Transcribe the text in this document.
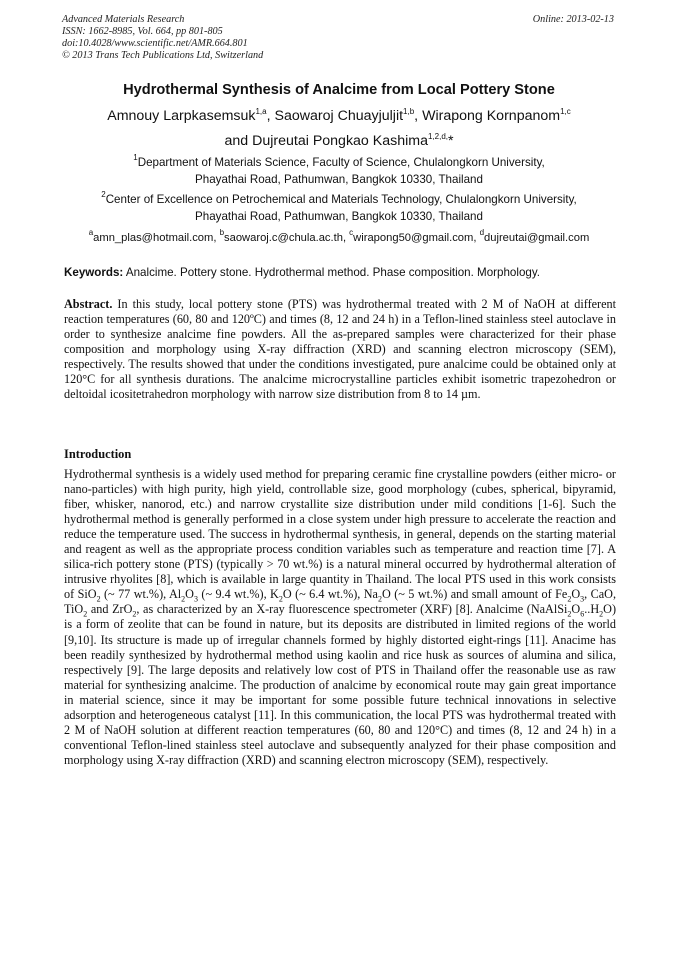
Advanced Materials Research
ISSN: 1662-8985, Vol. 664, pp 801-805
doi:10.4028/www.scientific.net/AMR.664.801
© 2013 Trans Tech Publications Ltd, Switzerland
Online: 2013-02-13
Hydrothermal Synthesis of Analcime from Local Pottery Stone
Amnouy Larpkasemsuk$^{1,a}$, Saowaroj Chuayjuljit$^{1,b}$, Wirapong Kornpanom$^{1,c}$
and Dujreutai Pongkao Kashima$^{1,2,d,}$*

$^1$Department of Materials Science, Faculty of Science, Chulalongkorn University,
Phayathai Road, Pathumwan, Bangkok 10330, Thailand

$^2$Center of Excellence on Petrochemical and Materials Technology, Chulalongkorn University,
Phayathai Road, Pathumwan, Bangkok 10330, Thailand

$^a$amn_plas@hotmail.com, $^b$saowaroj.c@chula.ac.th, $^c$wirapong50@gmail.com, $^d$dujreutai@gmail.com
Keywords: Analcime. Pottery stone. Hydrothermal method. Phase composition. Morphology.
Abstract. In this study, local pottery stone (PTS) was hydrothermal treated with 2 M of NaOH at different reaction temperatures (60, 80 and 120ºC) and times (8, 12 and 24 h) in a Teflon-lined stainless steel autoclave in order to synthesize analcime fine powders. All the as-prepared samples were characterized for their phase composition and morphology using X-ray diffraction (XRD) and scanning electron microscopy (SEM), respectively. The results showed that under the conditions investigated, pure analcime could be obtained only at 120°C for all synthesis durations. The analcime microcrystalline particles exhibit isometric trapezohedron or deltoidal icositetrahedron morphology with narrow size distribution from 8 to 14 µm.
Introduction
Hydrothermal synthesis is a widely used method for preparing ceramic fine crystalline powders (either micro- or nano-particles) with high purity, high yield, controllable size, good morphology (cubes, spherical, bipyramid, fiber, whisker, nanorod, etc.) and narrow crystallite size distribution under mild conditions [1-6]. Such the hydrothermal method is generally performed in a close system under high pressure to accelerate the reaction and reduce the temperature used. The success in hydrothermal synthesis, in general, depends on the starting material and reagent as well as the appropriate process condition variables such as temperature and reaction time [7]. A silica-rich pottery stone (PTS) (typically > 70 wt.%) is a natural mineral occurred by hydrothermal alteration of intrusive rhyolites [8], which is available in large quantity in Thailand. The local PTS used in this work consists of SiO$_2$ (~ 77 wt.%), $Al_2O_3$ (~ 9.4 wt.%), $K_2O$ (~ 6.4 wt.%), $Na_2O$ (~ 5 wt.%) and small amount of $Fe_2O_3$, CaO, TiO$_2$ and ZrO$_2$, as characterized by an X-ray fluorescence spectrometer (XRF) [8]. Analcime $(NaAlSi_2O_6..H_2O)$ is a form of zeolite that can be found in nature, but its deposits are distributed in limited regions of the world [9,10]. Its structure is made up of irregular channels formed by highly distorted eight-rings [11]. Anacime has been readily synthesized by hydrothermal method using kaolin and rice husk as sources of alumina and silica, respectively [9]. The large deposits and relatively low cost of PTS in Thailand offer the reasonable use as raw material for synthesizing analcime. The production of analcime by economical route may gain great importance in material science, since it may be important for some possible future technical innovations in selective adsorption and heterogeneous catalyst [11]. In this communication, the local PTS was hydrothermal treated with 2 M of NaOH solution at different reaction temperatures (60, 80 and 120°C) and times (8, 12 and 24 h) in a conventional Teflon-lined stainless steel autoclave and subsequently analyzed for their phase composition and morphology using X-ray diffraction (XRD) and scanning electron microscopy (SEM), respectively.
